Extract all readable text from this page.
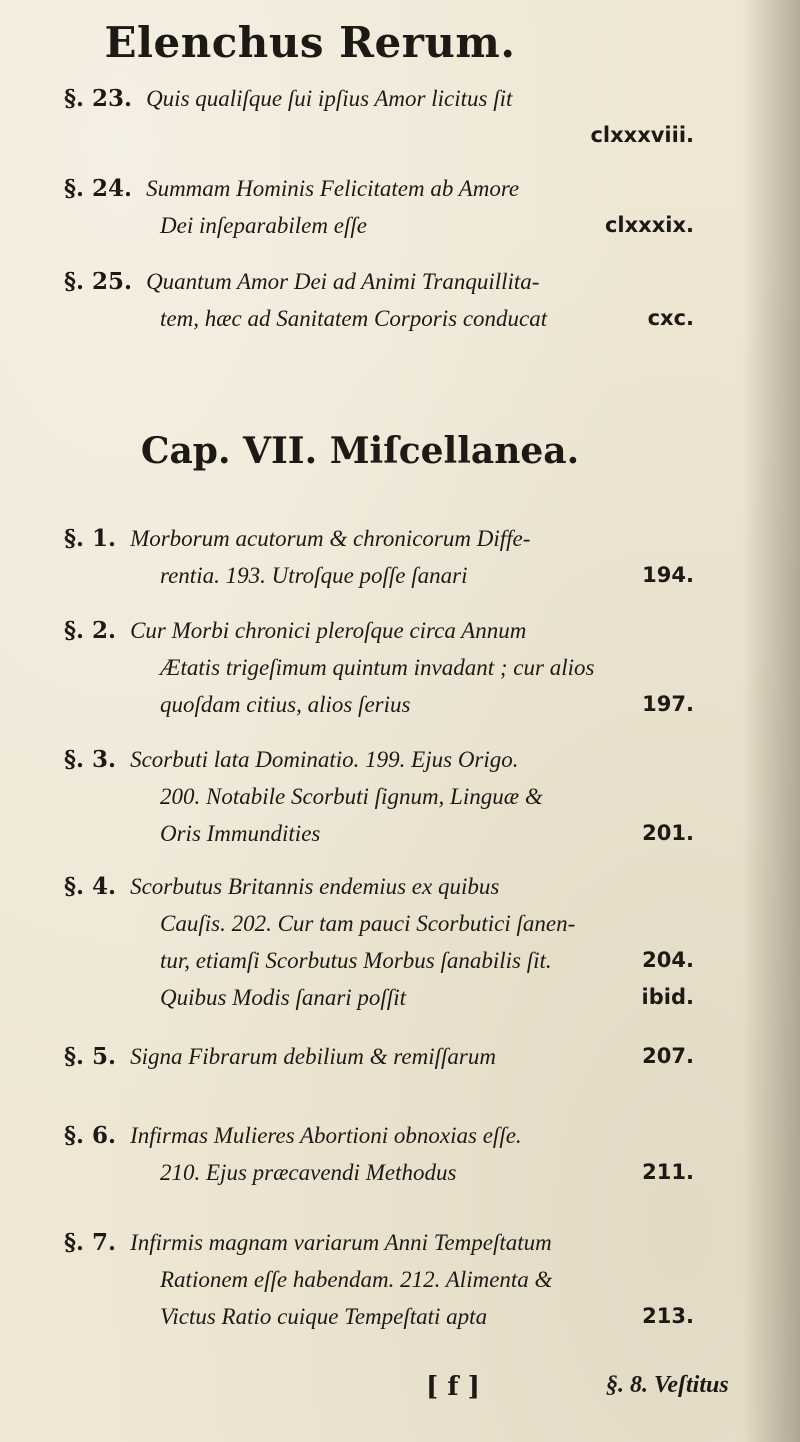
Elenchus Rerum.
§. 23. Quis qualiſque ſui ipſius Amor licitus ſit
clxxxviii.
§. 24. Summam Hominis Felicitatem ab Amore
Dei inſeparabilem eſſe	clxxxix.
§. 25. Quantum Amor Dei ad Animi Tranquillita-
tem, hæc ad Sanitatem Corporis conducat	cxc.
Cap. VII. Miſcellanea.
§. 1. Morborum acutorum & chronicorum Diffe-
rentia. 193. Utroſque poſſe ſanari	194.
§. 2. Cur Morbi chronici pleroſque circa Annum
Ætatis trigeſimum quintum invadant ; cur alios
quoſdam citius, alios ſerius	197.
§. 3. Scorbuti lata Dominatio. 199. Ejus Origo.
200. Notabile Scorbuti ſignum, Linguæ &
Oris Immundities	201.
§. 4. Scorbutus Britannis endemius ex quibus
Cauſis. 202. Cur tam pauci Scorbutici ſanen-
tur, etiamſi Scorbutus Morbus ſanabilis ſit.	204.
Quibus Modis ſanari poſſit	ibid.
§. 5. Signa Fibrarum debilium & remiſſarum	207.
§. 6. Infirmas Mulieres Abortioni obnoxias eſſe.
210. Ejus præcavendi Methodus	211.
§. 7. Infirmis magnam variarum Anni Tempeſtatum
Rationem eſſe habendam. 212. Alimenta &
Victus Ratio cuique Tempeſtati apta	213.
[ f ]	§. 8. Veſtitus
